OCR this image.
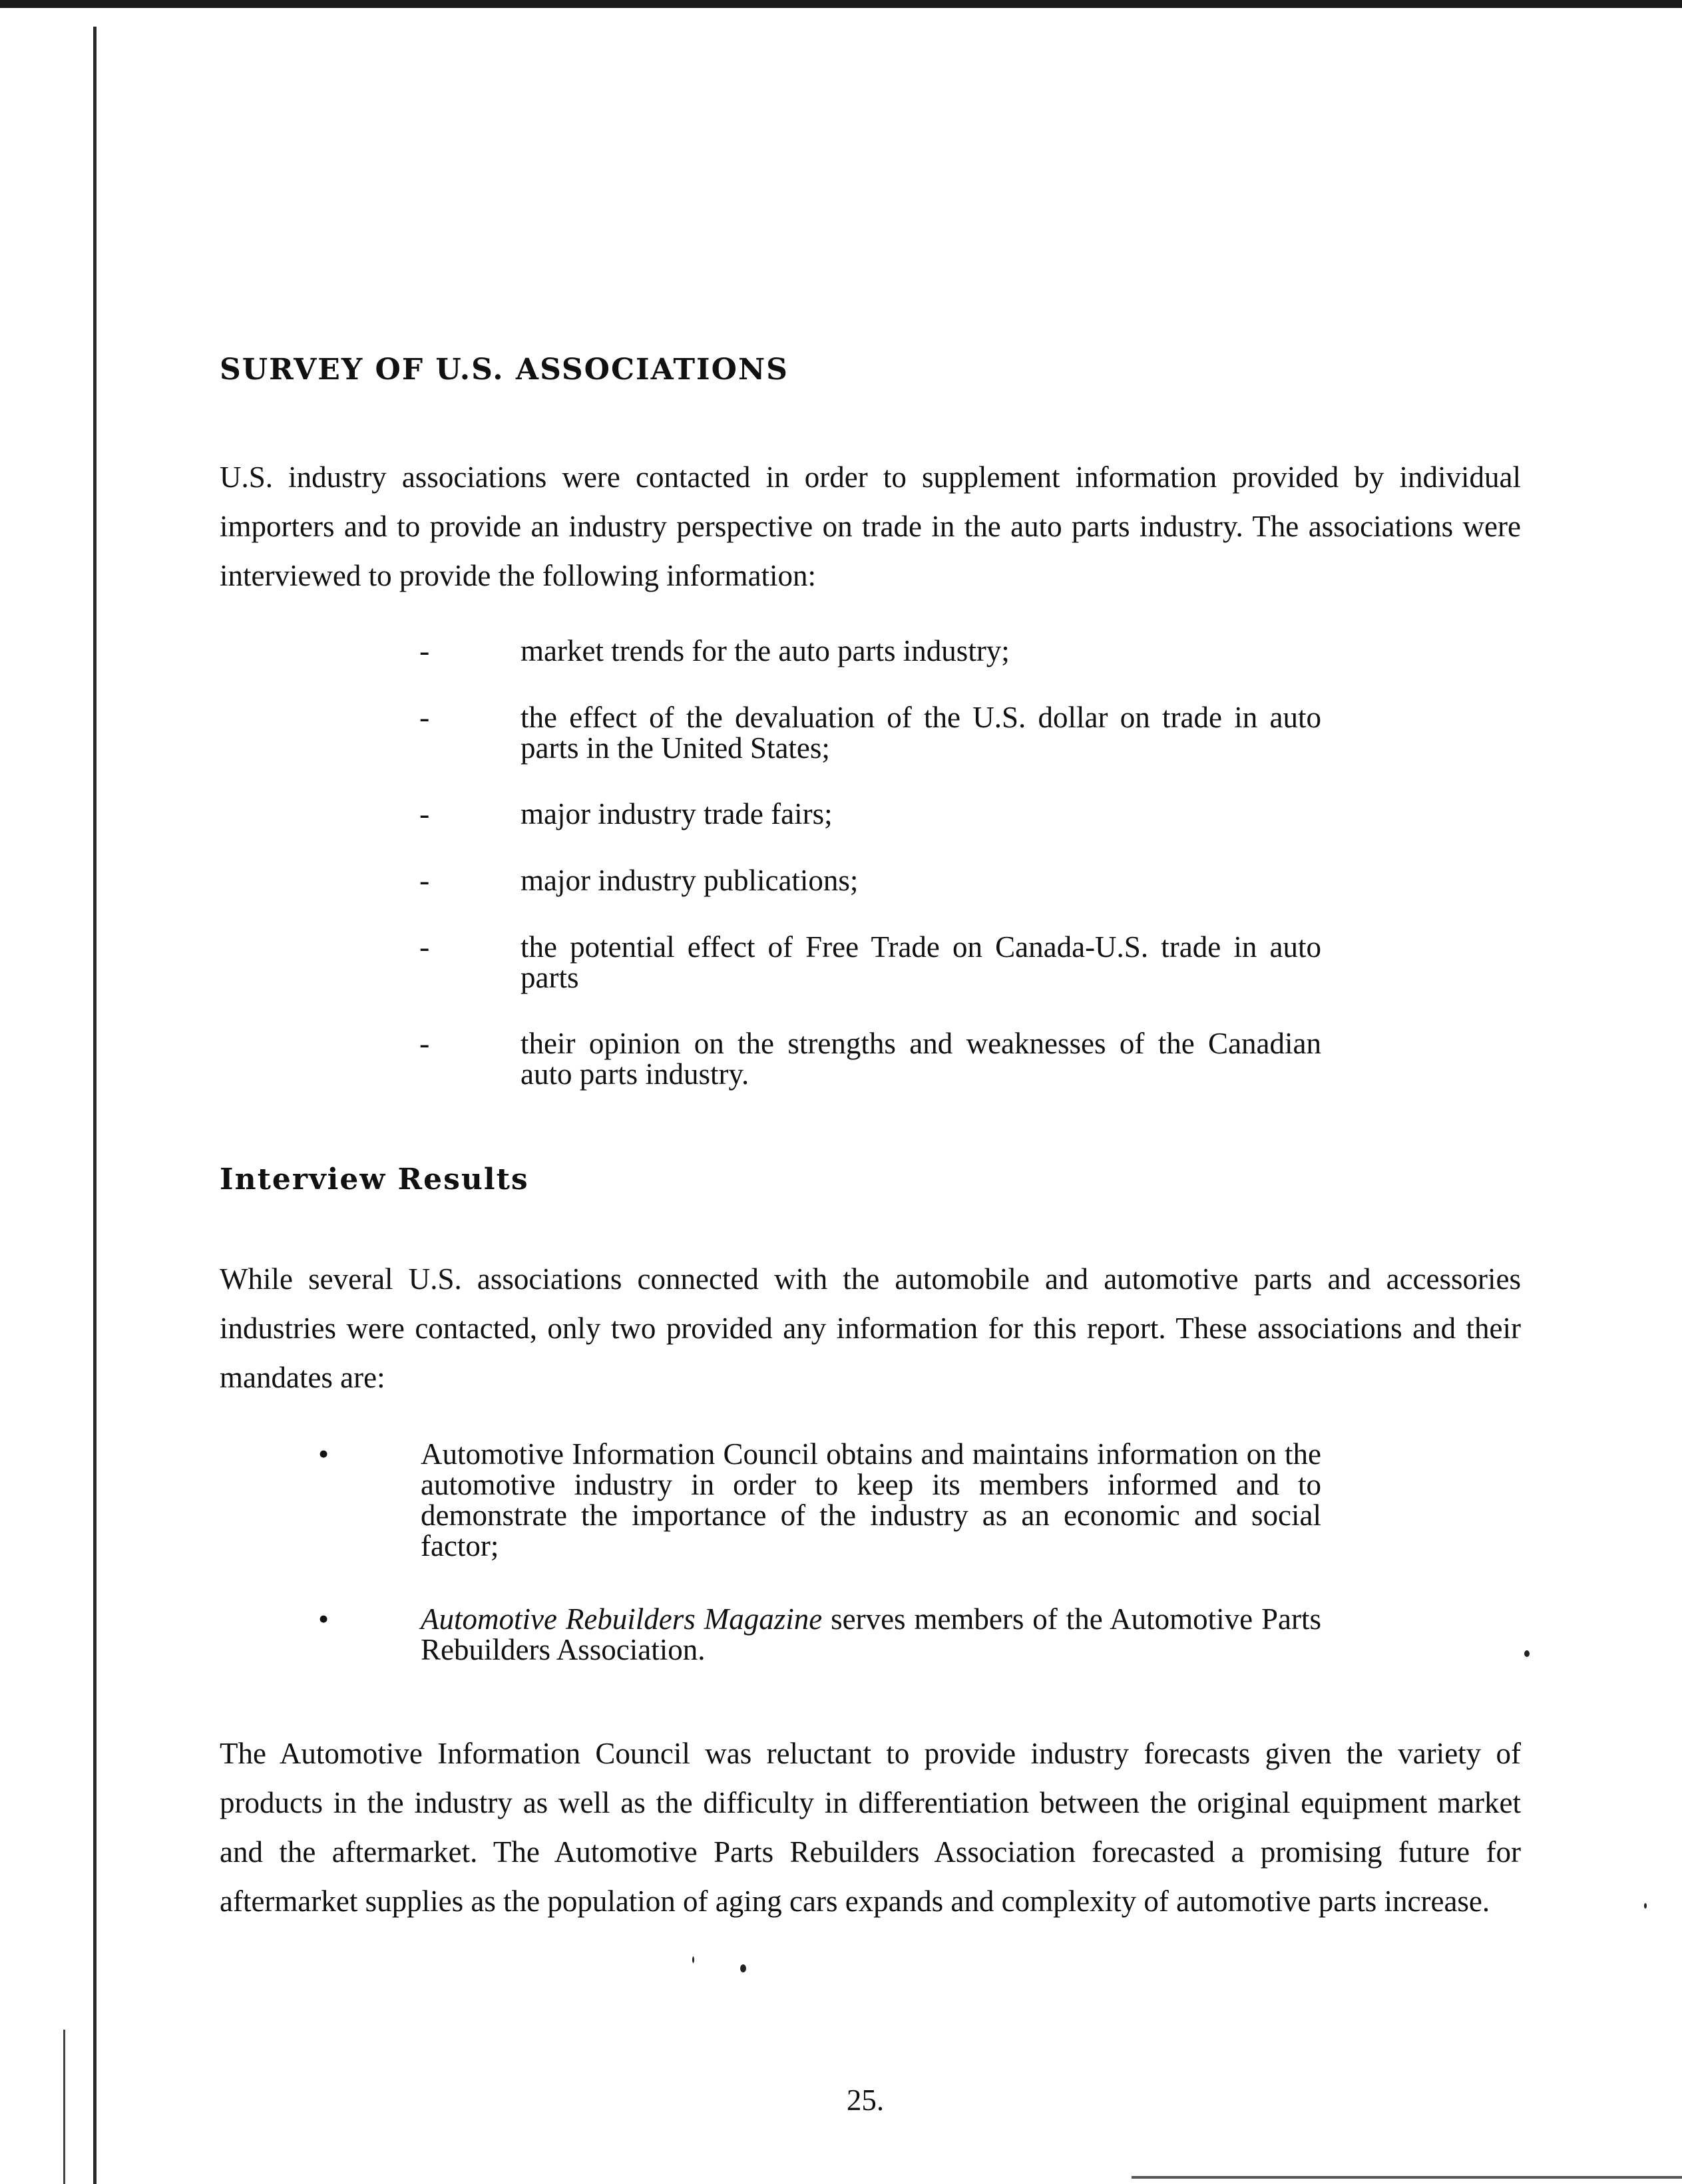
SURVEY OF U.S. ASSOCIATIONS

U.S. industry associations were contacted in order to supplement information provided by individual importers and to provide an industry perspective on trade in the auto parts industry. The associations were interviewed to provide the following information:

-	market trends for the auto parts industry;
-	the effect of the devaluation of the U.S. dollar on trade in auto parts in the United States;
-	major industry trade fairs;
-	major industry publications;
-	the potential effect of Free Trade on Canada-U.S. trade in auto parts
-	their opinion on the strengths and weaknesses of the Canadian auto parts industry.
Interview Results

While several U.S. associations connected with the automobile and automotive parts and accessories industries were contacted, only two provided any information for this report. These associations and their mandates are:

•	Automotive Information Council obtains and maintains information on the automotive industry in order to keep its members informed and to demonstrate the importance of the industry as an economic and social factor;
•	Automotive Rebuilders Magazine serves members of the Automotive Parts Rebuilders Association.

The Automotive Information Council was reluctant to provide industry forecasts given the variety of products in the industry as well as the difficulty in differentiation between the original equipment market and the aftermarket. The Automotive Parts Rebuilders Association forecasted a promising future for aftermarket supplies as the population of aging cars expands and complexity of automotive parts increase.

25.
